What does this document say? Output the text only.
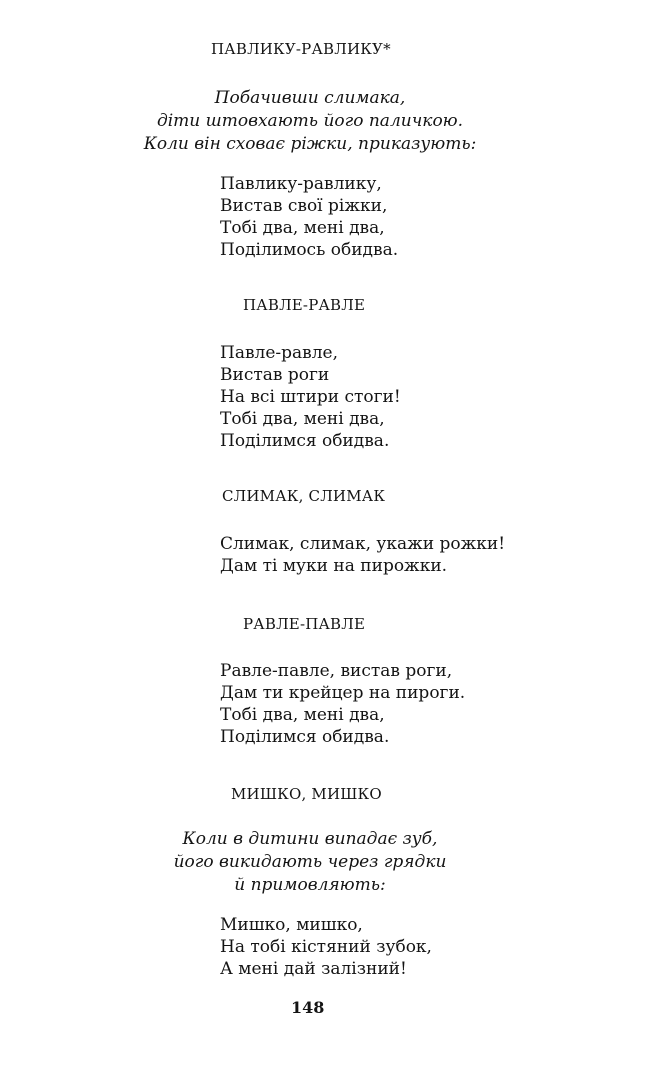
ПАВЛИКУ-РАВЛИКУ*
Побачивши слимака,
діти штовхають його паличкою.
Коли він сховає ріжки, приказують:
Павлику-равлику,
Вистав свої ріжки,
Тобі два, мені два,
Поділимось обидва.
ПАВЛЕ-РАВЛЕ
Павле-равле,
Вистав роги
На всі штири стоги!
Тобі два, мені два,
Поділимся обидва.
СЛИМАК, СЛИМАК
Слимак, слимак, укажи рожки!
Дам ті муки на пирожки.
РАВЛЕ-ПАВЛЕ
Равле-павле, вистав роги,
Дам ти крейцер на пироги.
Тобі два, мені два,
Поділимся обидва.
МИШКО, МИШКО
Коли в дитини випадає зуб,
його викидають через грядки
й примовляють:
Мишко, мишко,
На тобі кістяний зубок,
А мені дай залізний!
148
